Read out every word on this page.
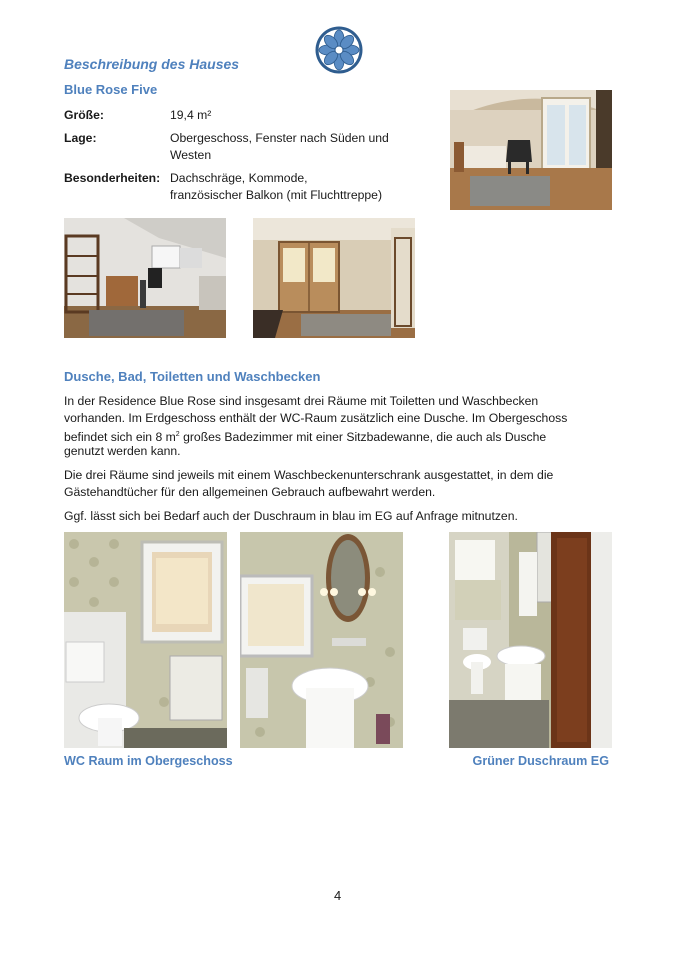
Beschreibung des Hauses
Blue Rose Five
Größe:	19,4 m²
Lage:	Obergeschoss, Fenster nach Süden und
Westen
Besonderheiten: Dachschräge, Kommode,
französischer Balkon (mit Fluchttreppe)
Dusche, Bad, Toiletten und Waschbecken
In der Residence Blue Rose sind insgesamt drei Räume mit Toiletten und Waschbecken
vorhanden. Im Erdgeschoss enthält der WC-Raum zusätzlich eine Dusche. Im Obergeschoss
befindet sich ein 8 $m^2$ großes Badezimmer mit einer Sitzbadewanne, die auch als Dusche
genutzt werden kann.
Die drei Räume sind jeweils mit einem Waschbeckenunterschrank ausgestattet, in dem die
Gästehandtücher für den allgemeinen Gebrauch aufbewahrt werden.
Ggf. lässt sich bei Bedarf auch der Duschraum in blau im EG auf Anfrage mitnutzen.
WC Raum im Obergeschoss	Grüner Duschraum EG
4
